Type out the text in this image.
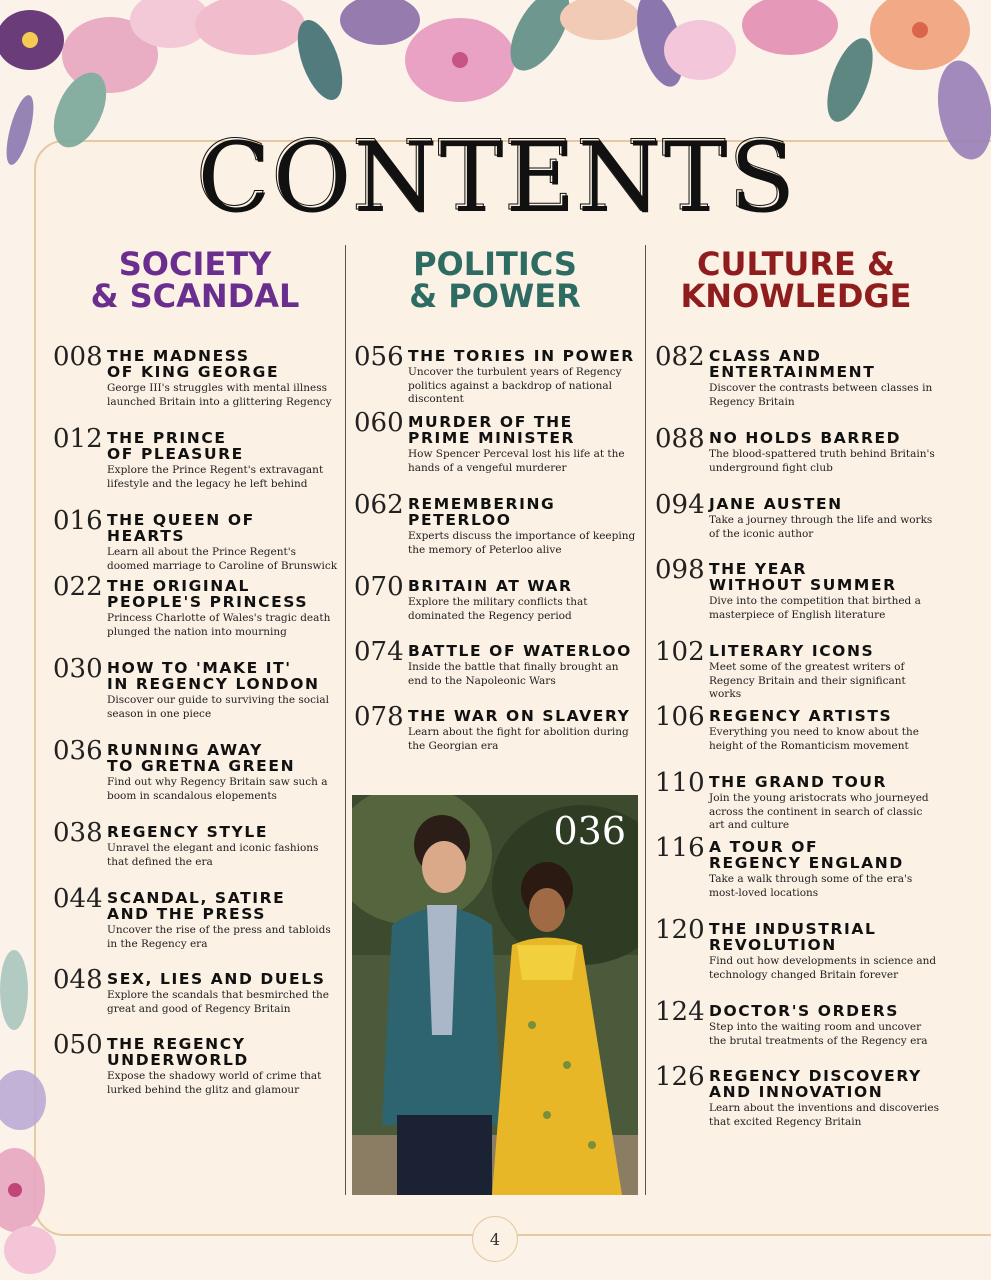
CONTENTS
SOCIETY
& SCANDAL
POLITICS
& POWER
CULTURE &
KNOWLEDGE
008 THE MADNESS
OF KING GEORGE

George III's struggles with mental illness launched Britain into a glittering Regency

012 THE PRINCE
OF PLEASURE

Explore the Prince Regent's extravagant lifestyle and the legacy he left behind

016 THE QUEEN OF HEARTS

Learn all about the Prince Regent's doomed marriage to Caroline of Brunswick

022 THE ORIGINAL
PEOPLE'S PRINCESS

Princess Charlotte of Wales's tragic death plunged the nation into mourning

030 HOW TO 'MAKE IT'
IN REGENCY LONDON

Discover our guide to surviving the social season in one piece

036 RUNNING AWAY
TO GRETNA GREEN

Find out why Regency Britain saw such a boom in scandalous elopements

038 REGENCY STYLE

Unravel the elegant and iconic fashions that defined the era

044 SCANDAL, SATIRE
AND THE PRESS

Uncover the rise of the press and tabloids in the Regency era

048 SEX, LIES AND DUELS

Explore the scandals that besmirched the great and good of Regency Britain

050 THE REGENCY
UNDERWORLD

Expose the shadowy world of crime that lurked behind the glitz and glamour

056 THE TORIES IN POWER

Uncover the turbulent years of Regency politics against a backdrop of national discontent

060 MURDER OF THE
PRIME MINISTER

How Spencer Perceval lost his life at the hands of a vengeful murderer

062 REMEMBERING
PETERLOO

Experts discuss the importance of keeping the memory of Peterloo alive

070 BRITAIN AT WAR

Explore the military conflicts that dominated the Regency period

074 BATTLE OF WATERLOO

Inside the battle that finally brought an end to the Napoleonic Wars

078 THE WAR ON SLAVERY

Learn about the fight for abolition during the Georgian era

036
082 CLASS AND
ENTERTAINMENT

Discover the contrasts between classes in Regency Britain

088 NO HOLDS BARRED

The blood-spattered truth behind Britain's underground fight club

094 JANE AUSTEN

Take a journey through the life and works of the iconic author

098 THE YEAR
WITHOUT SUMMER

Dive into the competition that birthed a masterpiece of English literature

102 LITERARY ICONS

Meet some of the greatest writers of Regency Britain and their significant works

106 REGENCY ARTISTS

Everything you need to know about the height of the Romanticism movement

110 THE GRAND TOUR

Join the young aristocrats who journeyed across the continent in search of classic art and culture

116 A TOUR OF
REGENCY ENGLAND

Take a walk through some of the era's most-loved locations

120 THE INDUSTRIAL
REVOLUTION

Find out how developments in science and technology changed Britain forever

124 DOCTOR'S ORDERS

Step into the waiting room and uncover the brutal treatments of the Regency era

126 REGENCY DISCOVERY
AND INNOVATION

Learn about the inventions and discoveries that excited Regency Britain

4
